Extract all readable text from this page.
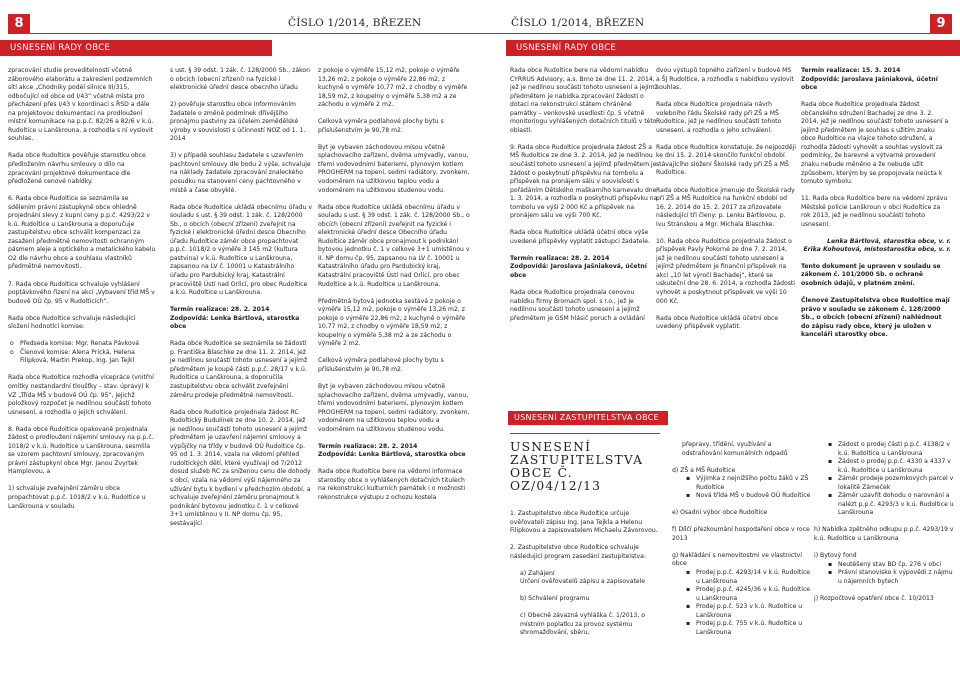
8	ČÍSLO 1/2014, BŘEZEN
USNESENÍ RADY OBCE

zpracování studie proveditelnosti včetně záborového elaborátu a zakreslení podzemních sítí akce „Chodníky podél silnice III/315, odbočující od obce od I/43“ včetně místa pro přecházení přes I/43 v koordinaci s ŘSD a dále na projektovou dokumentaci na prodloužení místní komunikace na p.p.č. 82/26 a 82/6 v k.ú. Rudoltice u Lanškrouna, a rozhodla s ní vyslovit souhlas.

Rada obce Rudoltice pověřuje starostku obce předložením návrhu smlouvy o dílo na zpracování projektové dokumentace dle předložené cenové nabídky.

6. Rada obce Rudoltice se seznámila se sdělením právní zástupkyně obce ohledně projednání slevy z kupní ceny p.p.č. 4293/22 v k.ú. Rudoltice u Lanškrouna a doporučuje zastupitelstvu obce schválit kompenzaci za zasažení předmětné nemovitosti ochranným pásmem aleje a optického a metalického kabelu O2 dle návrhu obce a souhlasu vlastníků předmětné nemovitosti.

7. Rada obce Rudoltice schvaluje vyhlášení poptávkového řízení na akci „Vybavení tříd MŠ v budově OÚ čp. 95 v Rudolticích“.

Rada obce Rudoltice schvaluje následující složení hodnotící komise:

o Předseda komise: Mgr. Renata Pávková
o Členové komise: Alena Prická, Helena Filipková, Martin Prekop, Ing. Jan Tejkl

Rada obce Rudoltice rozhodla vícepráce (vnitřní omítky nestandardní tloušťky – stav. úpravy) k VZ „Třída MŠ v budově OÚ čp. 95“, jejichž položkový rozpočet je nedílnou součástí tohoto usnesení, a rozhodla o jejich schválení.

8. Rada obce Rudoltice opakovaně projednala žádost o prodloužení nájemní smlouvy na p.p.č. 1018/2 v k.ú. Rudoltice u Lanškrouna, sesmlila se vzorem pachtovní smlouvy, zpracovaným právní zástupkyní obce Mgr. Janou Zvyrtek Hamplovou, a

1) schvaluje zveřejnění záměru obce propachtovat p.p.č. 1018/2 v k.ú. Rudoltice u Lanškrouna v souladu

s ust. § 39 odst. 1 zák. č. 128/2000 Sb., zákon o obcích (obecní zřízení) na fyzické i elektronické úřední desce obecního úřadu

2) pověřuje starostku obce informováním žadatele o změně podmínek dřívějšího pronájmu pastviny za účelem zemědělské výroby v souvislosti s účinností NOZ od 1. 1. 2014

3) v případě souhlasu žadatele s uzavřením pachtovní smlouvy dle bodu 2 výše, schvaluje na náklady žadatele zpracování znaleckého posudku na stanovení ceny pachtovného v místě a čase obvyklé.

Rada obce Rudoltice ukládá obecnímu úřadu v souladu s ust. § 39 odst. 1 zák. č. 128/2000 Sb., o obcích (obecní zřízení) zveřejnit na fyzické i elektronické úřední desce Obecního úřadu Rudoltice záměr obce propachtovat p.p.č. 1018/2 o výměře 3 145 m2 (kultura pastvina) v k.ú. Rudoltice u Lanškrouna, zapsanou na LV č. 10001 u Katastrálního úřadu pro Pardubický kraj, Katastrální pracoviště Ústí nad Orlicí, pro obec Rudoltice a k.ú. Rudoltice u Lanškrouna.

Termín realizace: 28. 2. 2014
Zodpovídá: Lenka Bártlová, starostka obce

Rada obce Rudoltice se seznámila se žádostí p. Františka Blaschke ze dne 11. 2. 2014, jež je nedílnou součástí tohoto usnesení a jejímž předmětem je koupě části p.p.č. 28/17 v k.ú. Rudoltice u Lanškrouna, a doporučila zastupitelstvu obce schválit zveřejnění záměru prodeje předmětné nemovitosti.

Rada obce Rudoltice projednala žádost RC Rudoltický Budulínek ze dne 10. 2. 2014, jež je nedílnou součástí tohoto usnesení a jejímž předmětem je uzavření nájemní smlouvy a výpůjčky na třídy v budově OÚ Rudoltice čp. 95 od 1. 3. 2014, vzala na vědomí přehled rudoltických dětí, které využívají od 7/2012 dosud služeb RC za sníženou cenu dle dohody s obcí, vzala na vědomí výši nájemného za užívání bytu k bydlení v předchozím období, a schvaluje zveřejnění záměru pronajmout k podnikání bytovou jednotku č. 1 v celkové 3+1 umístěnou v II. NP domu čp. 95, sestávající

z pokoje o výměře 15,12 m2, pokoje o výměře 13,26 m2, z pokoje o výměře 22,86 m2, z kuchyně o výměře 10,77 m2, z chodby o výměře 18,59 m2, z koupelny o výměře 5,38 m2 a ze záchodu o výměře 2 m2.

Celková výměra podlahové plochy bytu s příslušenstvím je 90,78 m2.

Byt je vybaven záchodovou mísou včetně splachovacího zařízení, dvěma umývadly, vanou, třemi vodovodními bateriemi, plynovým kotlem PROGHERM na topení, sedmi radiátory, zvonkem, vodoměrem na užitkovou teplou vodu a vodoměrem na užitkovou studenou vodu.

Rada obce Rudoltice ukládá obecnímu úřadu v souladu s ust. § 39 odst. 1 zák. č. 128/2000 Sb., o obcích (obecní zřízení) zveřejnit na fyzické i elektronické úřední desce Obecního úřadu Rudoltice záměr obce pronajmout k podnikání bytovou jednotku č. 1 v celkové 3+1 umístěnou v II. NP domu čp. 95, zapsanou na LV č. 10001 u Katastrálního úřadu pro Pardubický kraj, Katastrální pracoviště Ústí nad Orlicí, pro obec Rudoltice a k.ú. Rudoltice u Lanškrouna.

Předmětná bytová jednotka sestává z pokoje o výměře 15,12 m2, pokoje o výměře 13,26 m2, z pokoje o výměře 22,86 m2, z kuchyně o výměře 10,77 m2, z chodby o výměře 18,59 m2, z koupelny o výměře 5,38 m2 a ze záchodu o výměře 2 m2.

Celková výměra podlahové plochy bytu s příslušenstvím je 90,78 m2.

Byt je vybaven záchodovou mísou včetně splachovacího zařízení, dvěma umývadly, vanou, třemi vodovodními bateriemi, plynovým kotlem PROGHERM na topení, sedmi radiátory, zvonkem, vodoměrem na užitkovou teplou vodu a vodoměrem na užitkovou studenou vodu.

Termín realizace: 28. 2. 2014
Zodpovídá: Lenka Bártlová, starostka obce

Rada obce Rudoltice bere na vědomí informace starostky obce o vyhlášených dotačních titulech na rekonstrukci kulturních památek i o možnosti rekonstrukce výstupu z ochozu kostela

ČÍSLO 1/2014, BŘEZEN	9
USNESENÍ RADY OBCE

Rada obce Rudoltice bere na vědomí nabídku CYRRUS Advisory, a.s. Brno ze dne 11. 2. 2014, jež je nedílnou součástí tohoto usnesení a jejímž předmětem je nabídka zpracování žádosti o dotaci na rekonstrukci státem chráněné památky – venkovské usedlosti čp. 5 včetně monitoringu vyhlášených dotačních titulů v této oblasti.

9. Rada obce Rudoltice projednala žádost ZŠ a MŠ Rudoltice ze dne 3. 2. 2014, jež je nedílnou součástí tohoto usnesení a jejímž předmětem je žádost o poskytnutí příspěvku na tombolu a příspěvek na pronájem sálu v souvislosti s pořádáním Dětského maškarního karnevalu dne 1. 3. 2014, a rozhodla o poskytnutí příspěvku na tombolu ve výši 2 000 Kč a příspěvek na pronájem sálu ve výši 700 Kč.

Rada obce Rudoltice ukládá účetní obce výše uvedené příspěvky vyplatit zástupci žadatele.

Termín realizace: 28. 2. 2014
Zodpovídá: Jaroslava Jašniaková, účetní obce

Rada obce Rudoltice projednala cenovou nabídku firmy Bromach spol. s r.o., jež je nedílnou součástí tohoto usnesení a jejímž předmětem je GSM hlásič poruch a ovládání

dvou výstupů topného zařízení v budově MŠ a ŠJ Rudoltice, a rozhodla s nabídkou vyslovit souhlas.

Rada obce Rudoltice projednala návrh volebního řádu Školské rady při ZŠ a MŠ Rudoltice, jež je nedílnou součástí tohoto usnesení, a rozhodla o jeho schválení.

Rada obce Rudoltice konstatuje, že nejpozději ke dni 15. 2. 2014 skončilo funkční období stávajícího složení Školské rady při ZŠ a MŠ Rudoltice.

Rada obce Rudoltice jmenuje do Školské rady při ZŠ a MŠ Rudoltice na funkční období od 16. 2. 2014 do 15. 2. 2017 za zřizovatele následující tři členy: p. Lenku Bártlovou, p. Ivu Stránskou a Mgr. Michala Blaschke.

10. Rada obce Rudoltice projednala žádost o příspěvek Pavly Pokorné ze dne 7. 2. 2014, jež je nedílnou součástí tohoto usnesení a jejímž předmětem je finanční příspěvek na akci „10 let výročí Bachadej“, které se uskuteční dne 28. 6. 2014, a rozhodla žádosti vyhovět a poskytnout příspěvek ve výši 10 000 Kč.

Rada obce Rudoltice ukládá účetní obce uvedený příspěvek vyplatit.

Termín realizace: 15. 3. 2014
Zodpovídá: Jaroslava Jašniaková, účetní obce

Rada obce Rudoltice projednala žádost občanského sdružení Bachadej ze dne 3. 2. 2014, jež je nedílnou součástí tohoto usnesení a jejímž předmětem je souhlas s užitím znaku obce Rudoltice na vlajce tohoto sdružení, a rozhodla žádosti vyhovět a souhlas vyslovit za podmínky, že barevné a výtvarné provedení znaku nebude měněno a že nebude užit způsobem, kterým by se propojovala neúcta k tomuto symbolu.

11. Rada obce Rudoltice bere na vědomí zprávu Městské policie Lanškroun v obci Rudoltice za rok 2013, jež je nedílnou součástí tohoto usnesení.

Lenka Bártlová, starostka obce, v. r.
Erika Kohoutová, místostarostka obce, v. r.

Tento dokument je upraven v souladu se zákonem č. 101/2000 Sb. o ochraně osobních údajů, v platném znění.

Členové Zastupitelstva obce Rudoltice mají právo v souladu se zákonem č. 128/2000 Sb., o obcích (obecní zřízení) nahlédnout do zápisu rady obce, který je uložen v kanceláři starostky obce.

USNESENÍ ZASTUPITELSTVA OBCE
USNESENÍ ZASTUPITELSTVA OBCE Č. OZ/04/12/13

1. Zastupitelstvo obce Rudoltice určuje ověřovateli zápisu Ing. Jana Tejkla a Helenu Filipkovou a zapisovatelem Michaelu Závorovou.

2. Zastupitelstvo obce Rudoltice schvaluje následující program zasedání zastupitelstva:

a) Zahájení
Určení ověřovatelů zápisu a zapisovatele

b) Schválení programu

c) Obecně závazná vyhláška č. 1/2013, o místním poplatku za provoz systému shromažďování, sběru,

přepravy, třídění, využívání a odstraňování komunálních odpadů

d) ZŠ a MŠ Rudoltice

▪ Výjimka z nejnižšího počtu žáků v ZŠ Rudoltice
▪ Nová třída MŠ v budově OÚ Rudoltice

e) Osadní výbor obce Rudoltice

f) Dílčí přezkoumání hospodaření obce v roce 2013

g) Nakládání s nemovitostmi ve vlastnictví obce

▪ Prodej p.p.č. 4293/14 v k.ú. Rudoltice u Lanškrouna
▪ Prodej p.p.č. 4245/36 v k.ú. Rudoltice u Lanškrouna
▪ Prodej p.p.č. 523 v k.ú. Rudoltice u Lanškrouna
▪ Prodej p.p.č. 755 v k.ú. Rudoltice u Lanškrouna
▪ Žádost o prodej části p.p.č. 4138/2 v k.ú. Rudoltice u Lanškrouna
▪ Žádost o prodej p.p.č. 4330 a 4337 v k.ú. Rudoltice u Lanškrouna
▪ Záměr prodeje pozemkových parcel v lokalitě Zámeček
▪ Záměr uzavřít dohodu o narovnání a nalézt p.p.č. 4293/3 v k.ú. Rudoltice u Lanškrouna

h) Nabídka zpětného odkupu p.p.č. 4293/19 v k.ú. Rudoltice u Lanškrouna

i) Bytový fond

▪ Neutěšený stav BD čp. 276 v obci
▪ Právní stanovisko k výpovědi z nájmu u nájemních bytech

j) Rozpočtové opatření obce č. 10/2013
